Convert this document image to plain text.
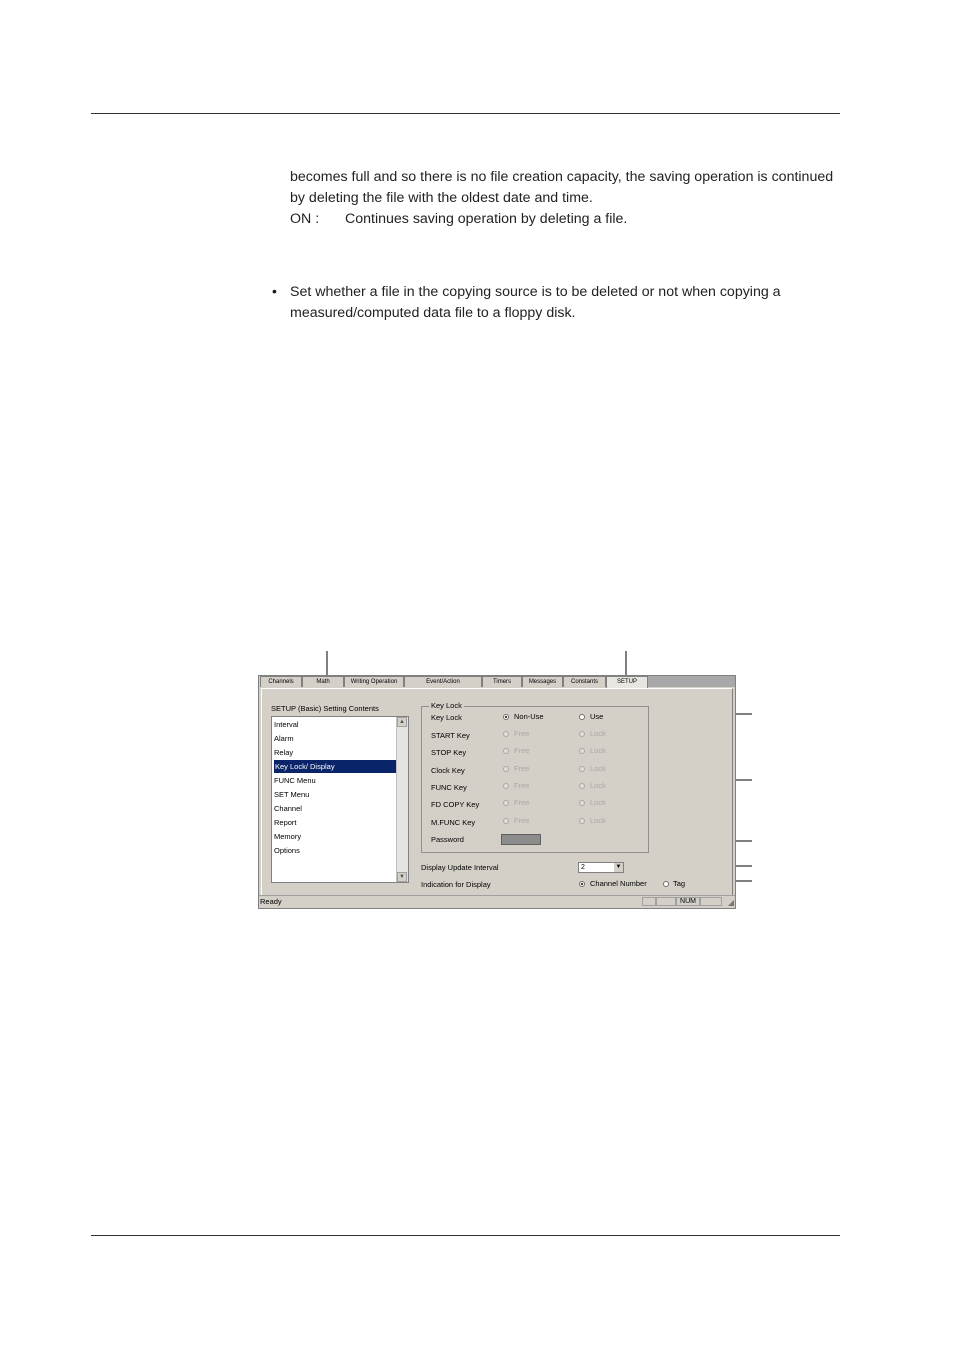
becomes full and so there is no file creation capacity, the saving operation is continued

by deleting the file with the oldest date and time.

ON : Continues saving operation by deleting a file.

• Set whether a file in the copying source is to be deleted or not when copying a

measured/computed data file to a floppy disk.

Channels	Math	Writing Operation	Event/Action	Timers	Messages	Constants	SETUP
SETUP (Basic) Setting Contents
Interval
Alarm
Relay
Key Lock/ Display
FUNC Menu
SET Menu
Channel
Report
Memory
Options
▲
▼
Key Lock
Key Lock	Non-Use	Use
START Key	Free	Lock
STOP Key	Free	Lock
Clock Key	Free	Lock
FUNC Key	Free	Lock
FD COPY Key	Free	Lock
M.FUNC Key	Free	Lock
Password
Display Update Interval	2	▼
Indication for Display	Channel Number	Tag
Ready	NUM	◢
